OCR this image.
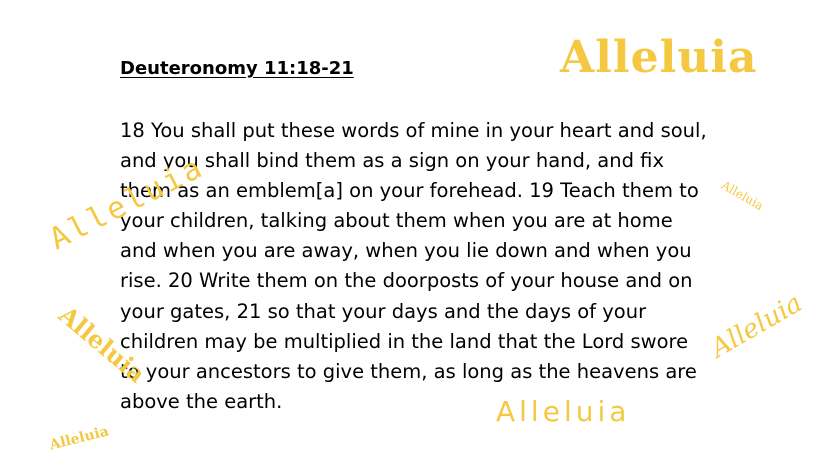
Deuteronomy 11:18-21
18 You shall put these words of mine in your heart and soul,
and you shall bind them as a sign on your hand, and fix
them as an emblem[a] on your forehead. 19 Teach them to
your children, talking about them when you are at home
and when you are away, when you lie down and when you
rise. 20 Write them on the doorposts of your house and on
your gates, 21 so that your days and the days of your
children may be multiplied in the land that the Lord swore
to your ancestors to give them, as long as the heavens are
above the earth.
Alleluia
Alleluia	Alleluia
Alleluia	Alleluia
Alleluia
Alleluia
